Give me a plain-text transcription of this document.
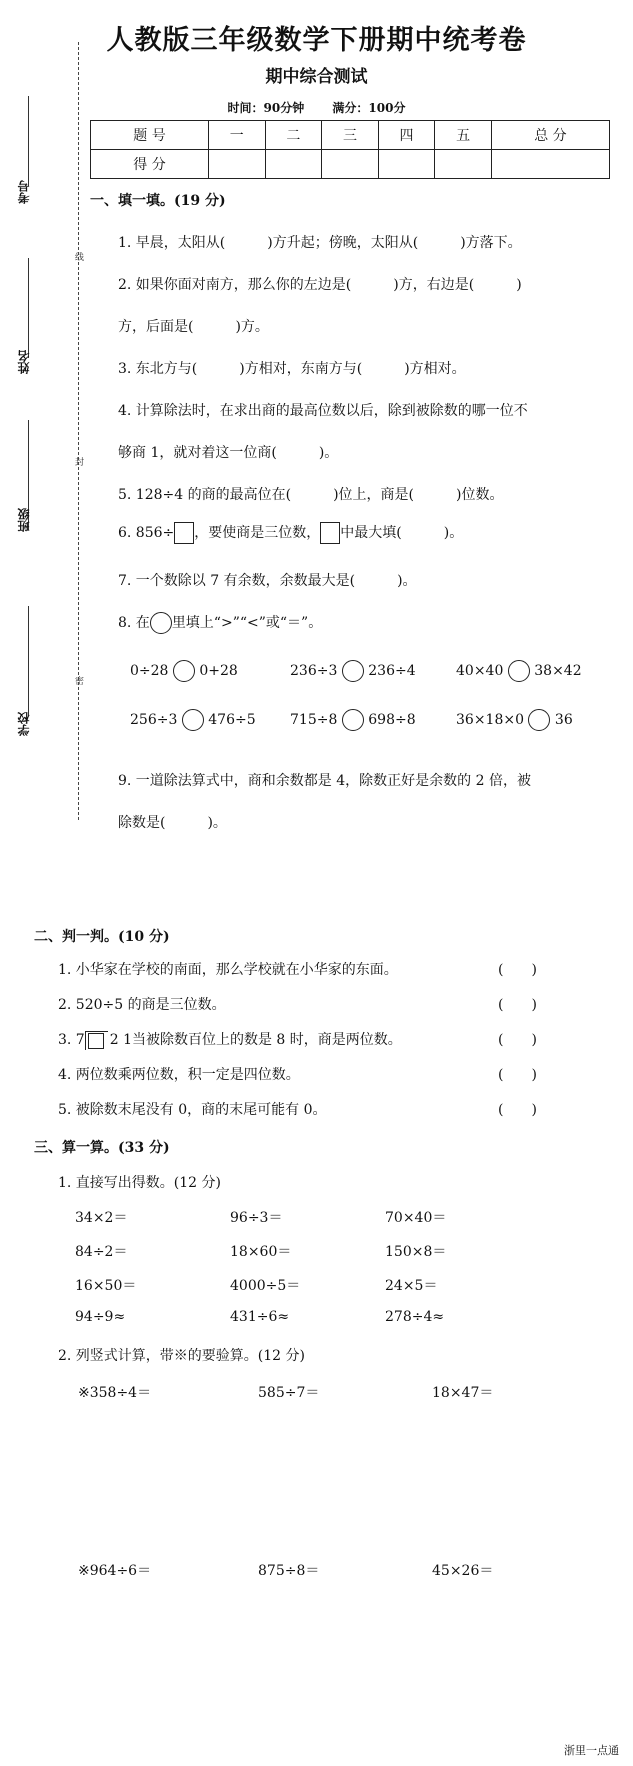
人教版三年级数学下册期中统考卷
期中综合测试
时间：90分钟 满分：100分
题 号	一	二	三	四	五	总 分
得 分						
线
封
密
考号
姓名
班级
学校
一、填一填。(19 分)
1. 早晨，太阳从(　　　)方升起；傍晚，太阳从(　　　)方落下。
2. 如果你面对南方，那么你的左边是(　　　)方，右边是(　　　)
方，后面是(　　　)方。
3. 东北方与(　　　)方相对，东南方与(　　　)方相对。
4. 计算除法时，在求出商的最高位数以后，除到被除数的哪一位不
够商 1，就对着这一位商(　　　)。
5. 128÷4 的商的最高位在(　　　)位上，商是(　　　)位数。
6. 856÷ ，要使商是三位数， 中最大填(　　　)。
7. 一个数除以 7 有余数，余数最大是(　　　)。
8. 在 里填上“>”“<”或“＝”。
0÷28 0+28	236÷3 236÷4	40×40 38×42
256÷3 476÷5 715÷8 698÷8	36×18×0 36
9. 一道除法算式中，商和余数都是 4，除数正好是余数的 2 倍，被
除数是(　　　)。
二、判一判。(10 分)
1. 小华家在学校的南面，那么学校就在小华家的东面。	(　　)
2. 520÷5 的商是三位数。	(　　)
3. 7 2 1当被除数百位上的数是 8 时，商是两位数。	(　　)
4. 两位数乘两位数，积一定是四位数。	(　　)
5. 被除数末尾没有 0，商的末尾可能有 0。	(　　)
三、算一算。(33 分)
1. 直接写出得数。(12 分)
34×2＝	96÷3＝	70×40＝
84÷2＝	18×60＝	150×8＝
16×50＝	4000÷5＝	24×5＝
94÷9≈	431÷6≈	278÷4≈
2. 列竖式计算，带※的要验算。(12 分)
※358÷4＝	585÷7＝	18×47＝
※964÷6＝	875÷8＝	45×26＝
浙里一点通
